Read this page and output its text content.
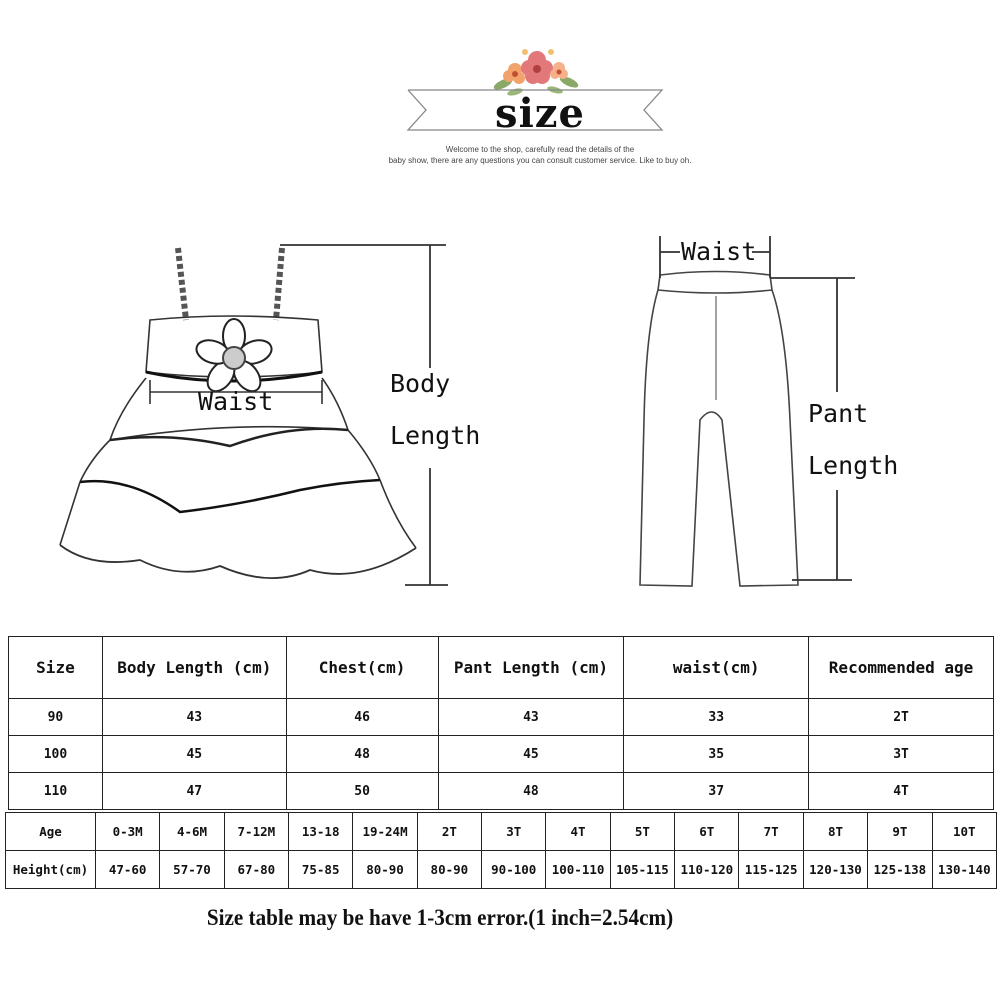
size
Welcome to the shop, carefully read the details of the
baby show, there are any questions you can consult customer service. Like to buy oh.
Waist
Body
Length
Waist
Pant
Length
Size	Body Length (cm)	Chest(cm)	Pant Length (cm)	waist(cm)	Recommended age
90	43	46	43	33	2T
100	45	48	45	35	3T
110	47	50	48	37	4T
Age	0-3M	4-6M	7-12M	13-18	19-24M	2T	3T	4T	5T	6T	7T	8T	9T	10T
Height(cm)	47-60	57-70	67-80	75-85	80-90	80-90	90-100	100-110	105-115	110-120	115-125	120-130	125-138	130-140
Size table may be have 1-3cm error.(1 inch=2.54cm)
